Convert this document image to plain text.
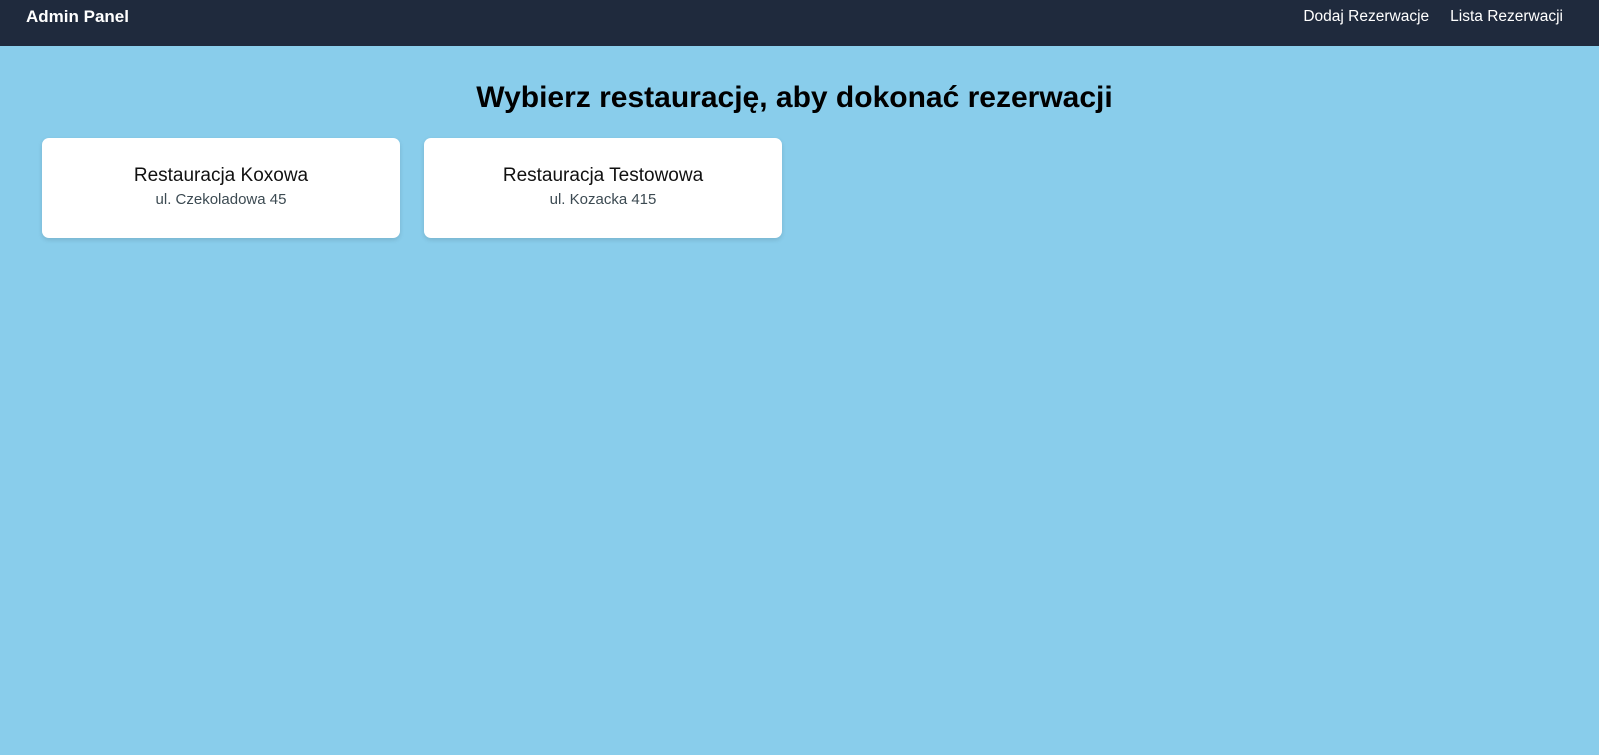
Admin Panel	Dodaj Rezerwacje Lista Rezerwacji
Wybierz restaurację, aby dokonać rezerwacji
Restauracja Koxowa
ul. Czekoladowa 45
Restauracja Testowowa
ul. Kozacka 415
